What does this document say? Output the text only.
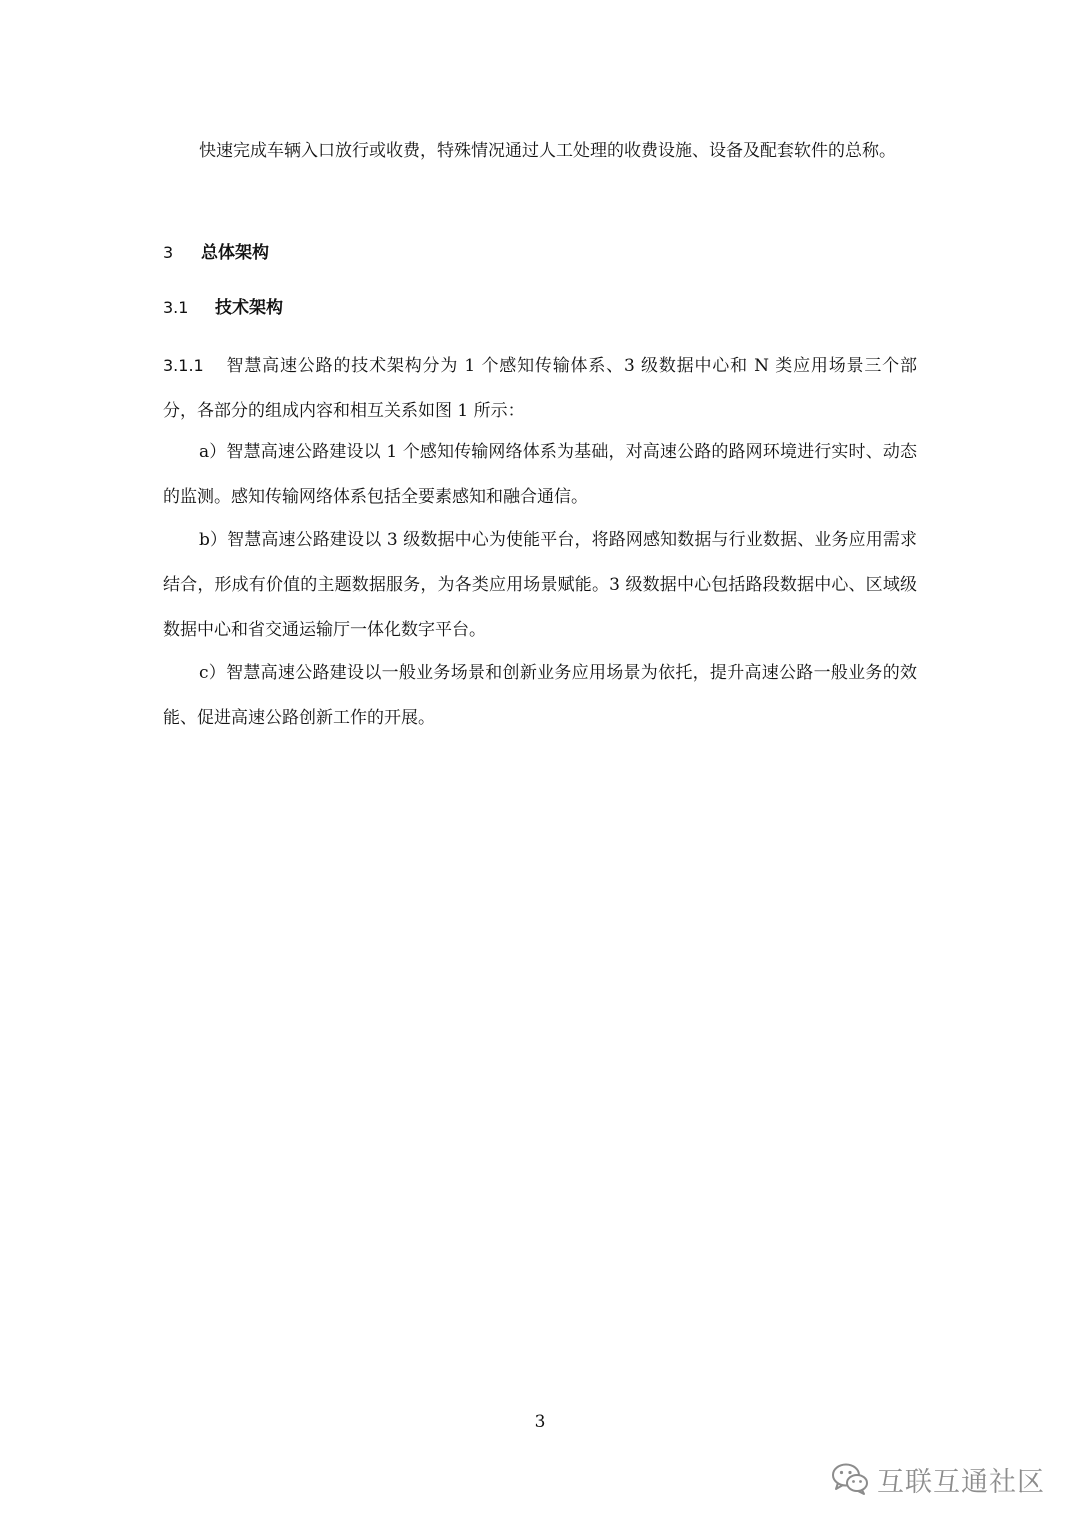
快速完成车辆入口放行或收费，特殊情况通过人工处理的收费设施、设备及配套软件的总称。

3 总体架构
3.1 技术架构

3.1.1 智慧高速公路的技术架构分为 1 个感知传输体系、3 级数据中心和 N 类应用场景三个部分，各部分的组成内容和相互关系如图 1 所示：

a）智慧高速公路建设以 1 个感知传输网络体系为基础，对高速公路的路网环境进行实时、动态的监测。感知传输网络体系包括全要素感知和融合通信。

b）智慧高速公路建设以 3 级数据中心为使能平台，将路网感知数据与行业数据、业务应用需求结合，形成有价值的主题数据服务，为各类应用场景赋能。3 级数据中心包括路段数据中心、区域级数据中心和省交通运输厅一体化数字平台。

c）智慧高速公路建设以一般业务场景和创新业务应用场景为依托，提升高速公路一般业务的效能、促进高速公路创新工作的开展。

3
互联互通社区
